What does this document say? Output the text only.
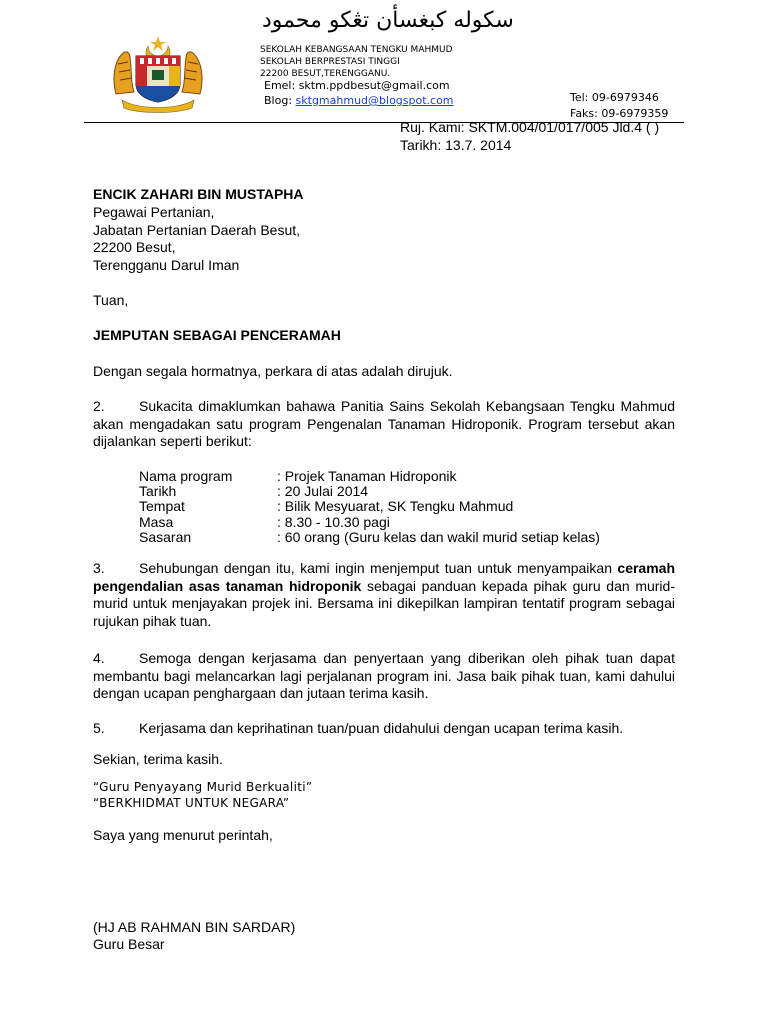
سكوله كبغسأن تڠكو محمود
SEKOLAH KEBANGSAAN TENGKU MAHMUD
SEKOLAH BERPRESTASI TINGGI
22200 BESUT,TERENGGANU.
Emel: sktm.ppdbesut@gmail.com
Blog: sktgmahmud@blogspot.com	Tel: 09-6979346
Faks: 09-6979359
Ruj. Kami: SKTM.004/01/017/005 Jld.4 ( )
Tarikh: 13.7. 2014
ENCIK ZAHARI BIN MUSTAPHA
Pegawai Pertanian,
Jabatan Pertanian Daerah Besut,
22200 Besut,
Terengganu Darul Iman
Tuan,
JEMPUTAN SEBAGAI PENCERAMAH
Dengan segala hormatnya, perkara di atas adalah dirujuk.
2. Sukacita dimaklumkan bahawa Panitia Sains Sekolah Kebangsaan Tengku Mahmud akan mengadakan satu program Pengenalan Tanaman Hidroponik. Program tersebut akan dijalankan seperti berikut:
Nama program	: Projek Tanaman Hidroponik
Tarikh	: 20 Julai 2014
Tempat	: Bilik Mesyuarat, SK Tengku Mahmud
Masa	: 8.30 - 10.30 pagi
Sasaran	: 60 orang (Guru kelas dan wakil murid setiap kelas)
3. Sehubungan dengan itu, kami ingin menjemput tuan untuk menyampaikan ceramah pengendalian asas tanaman hidroponik sebagai panduan kepada pihak guru dan murid-murid untuk menjayakan projek ini. Bersama ini dikepilkan lampiran tentatif program sebagai rujukan pihak tuan.
4. Semoga dengan kerjasama dan penyertaan yang diberikan oleh pihak tuan dapat membantu bagi melancarkan lagi perjalanan program ini. Jasa baik pihak tuan, kami dahului dengan ucapan penghargaan dan jutaan terima kasih.
5. Kerjasama dan keprihatinan tuan/puan didahului dengan ucapan terima kasih.
Sekian, terima kasih.
“Guru Penyayang Murid Berkualiti”
“BERKHIDMAT UNTUK NEGARA”
Saya yang menurut perintah,
(HJ AB RAHMAN BIN SARDAR)
Guru Besar
